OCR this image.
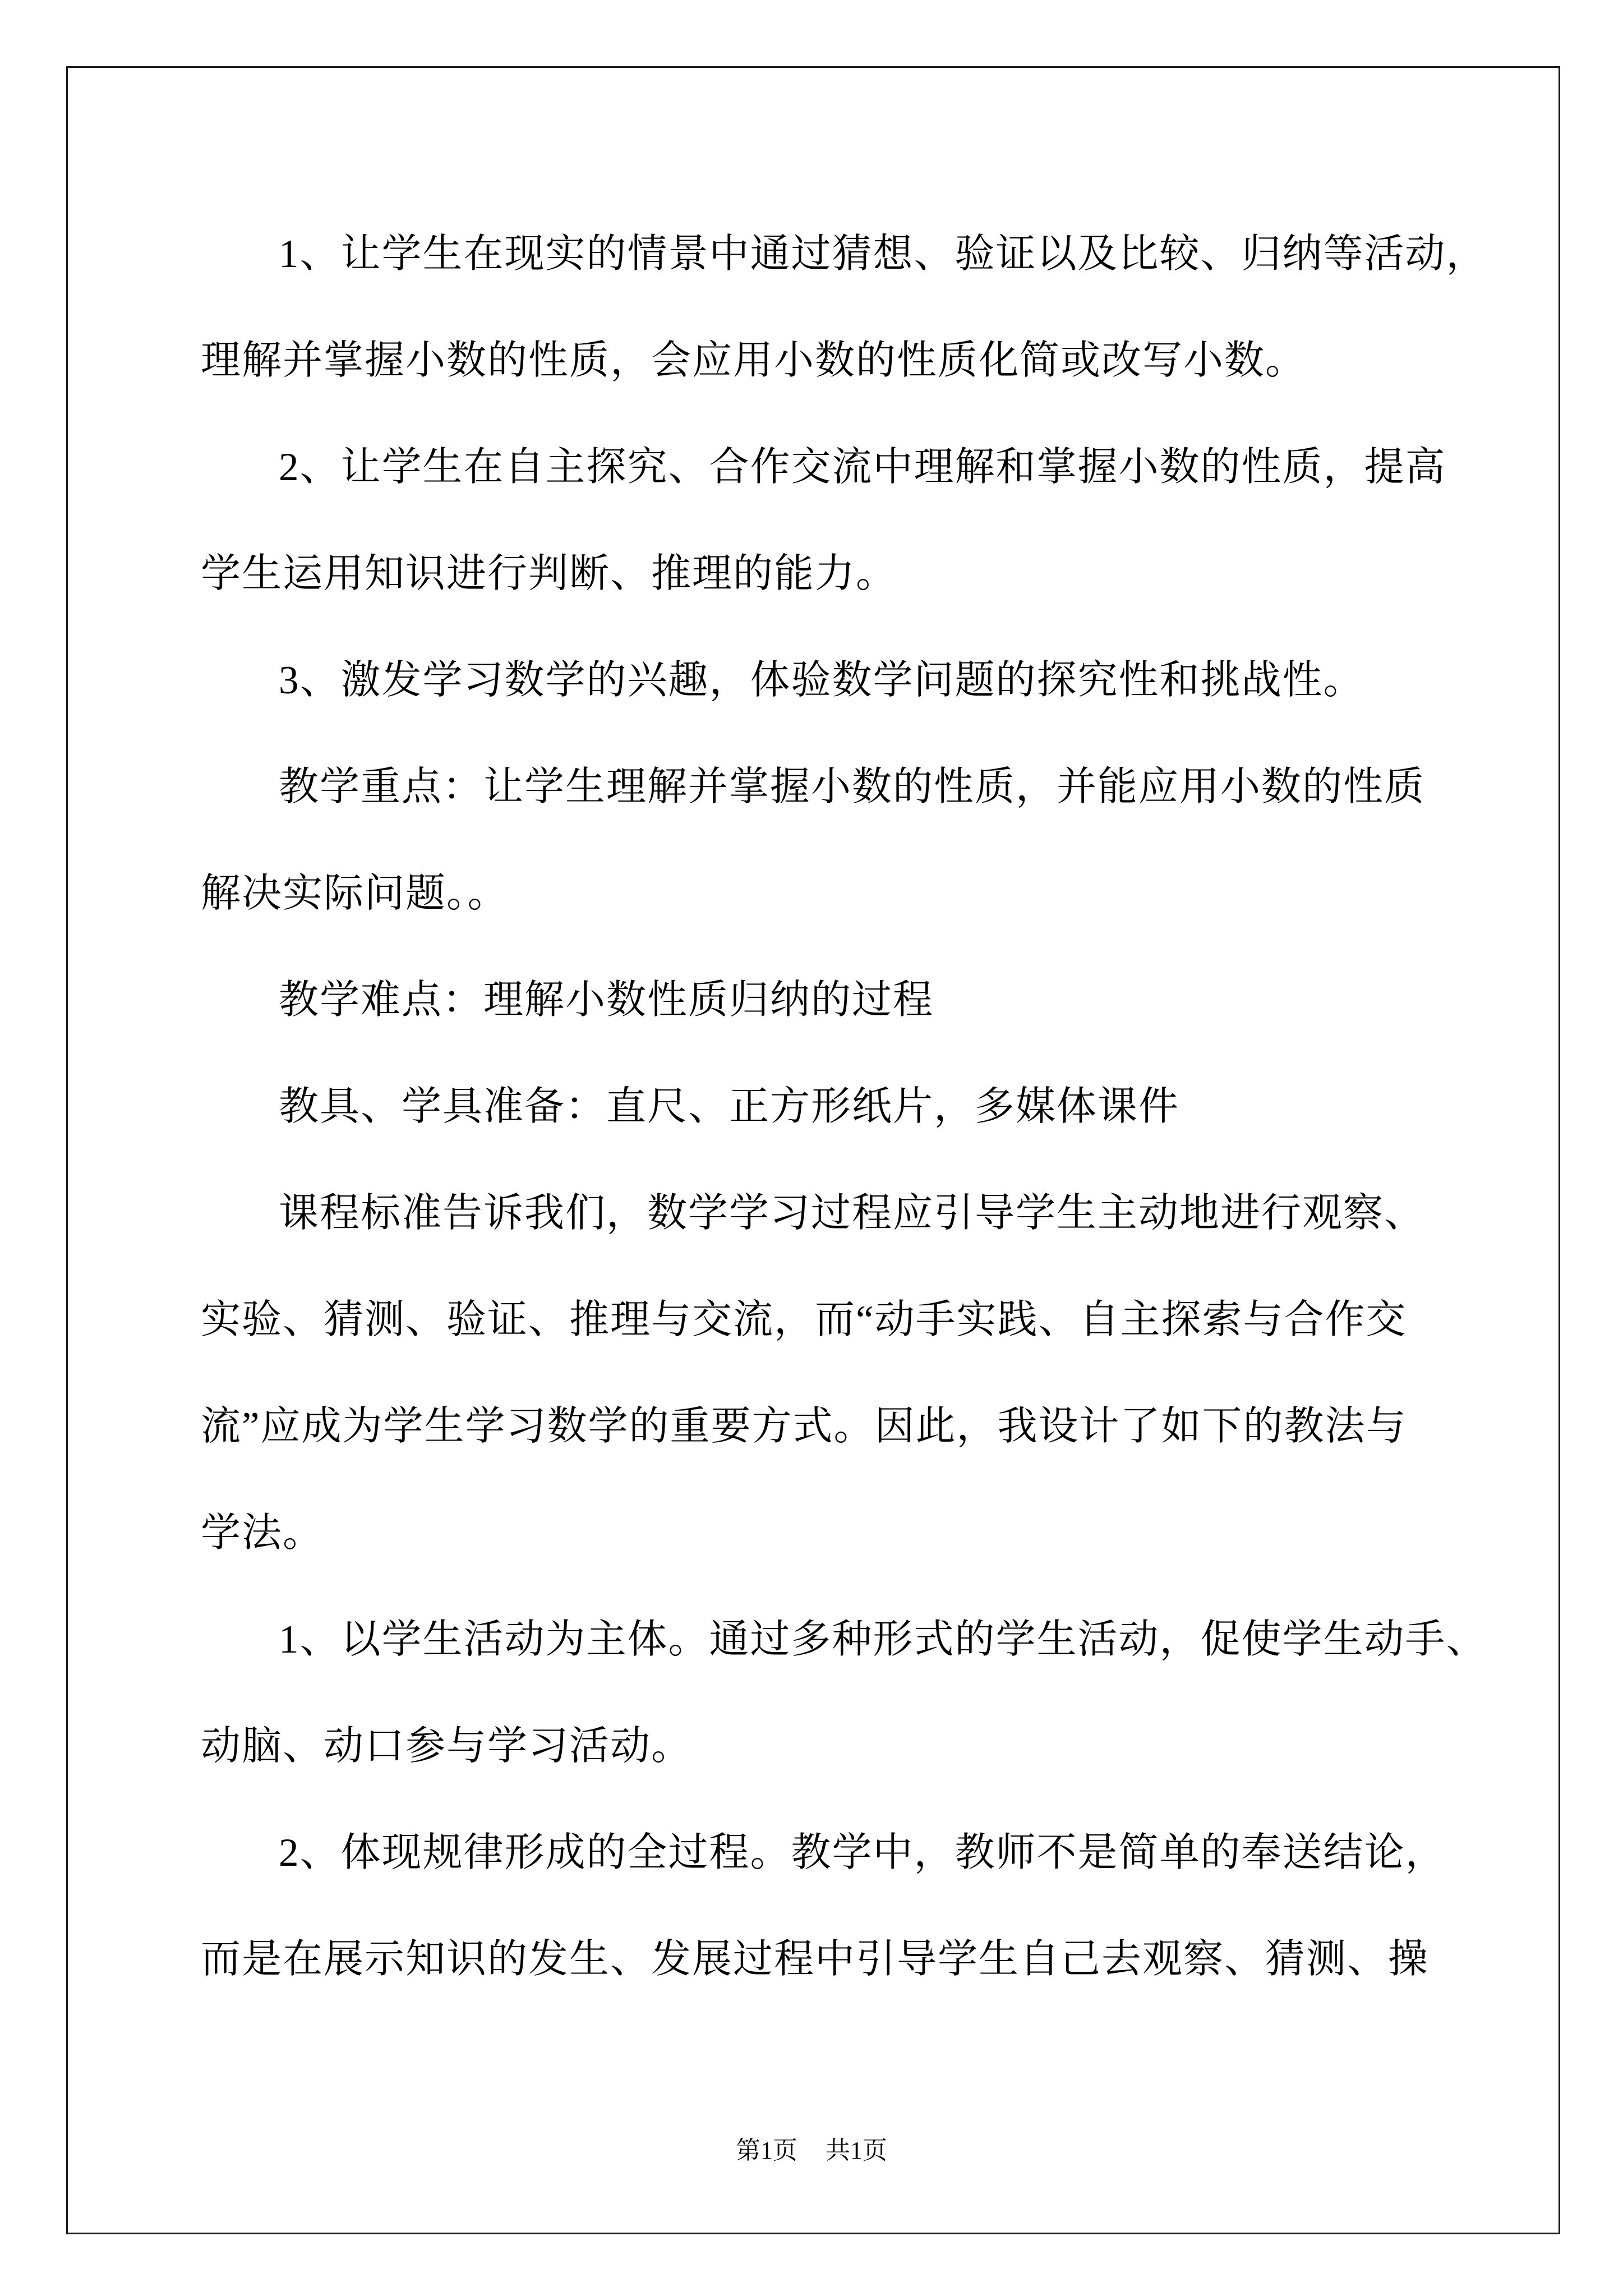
1、让学生在现实的情景中通过猜想、验证以及比较、归纳等活动，
理解并掌握小数的性质，会应用小数的性质化简或改写小数。
2、让学生在自主探究、合作交流中理解和掌握小数的性质，提高
学生运用知识进行判断、推理的能力。
3、激发学习数学的兴趣，体验数学问题的探究性和挑战性。
教学重点：让学生理解并掌握小数的性质，并能应用小数的性质
解决实际问题。。
教学难点：理解小数性质归纳的过程
教具、学具准备：直尺、正方形纸片，多媒体课件
课程标准告诉我们，数学学习过程应引导学生主动地进行观察、
实验、猜测、验证、推理与交流，而“动手实践、自主探索与合作交
流”应成为学生学习数学的重要方式。因此，我设计了如下的教法与
学法。
1、以学生活动为主体。通过多种形式的学生活动，促使学生动手、
动脑、动口参与学习活动。
2、体现规律形成的全过程。教学中，教师不是简单的奉送结论，
而是在展示知识的发生、发展过程中引导学生自己去观察、猜测、操
第1页 共1页
